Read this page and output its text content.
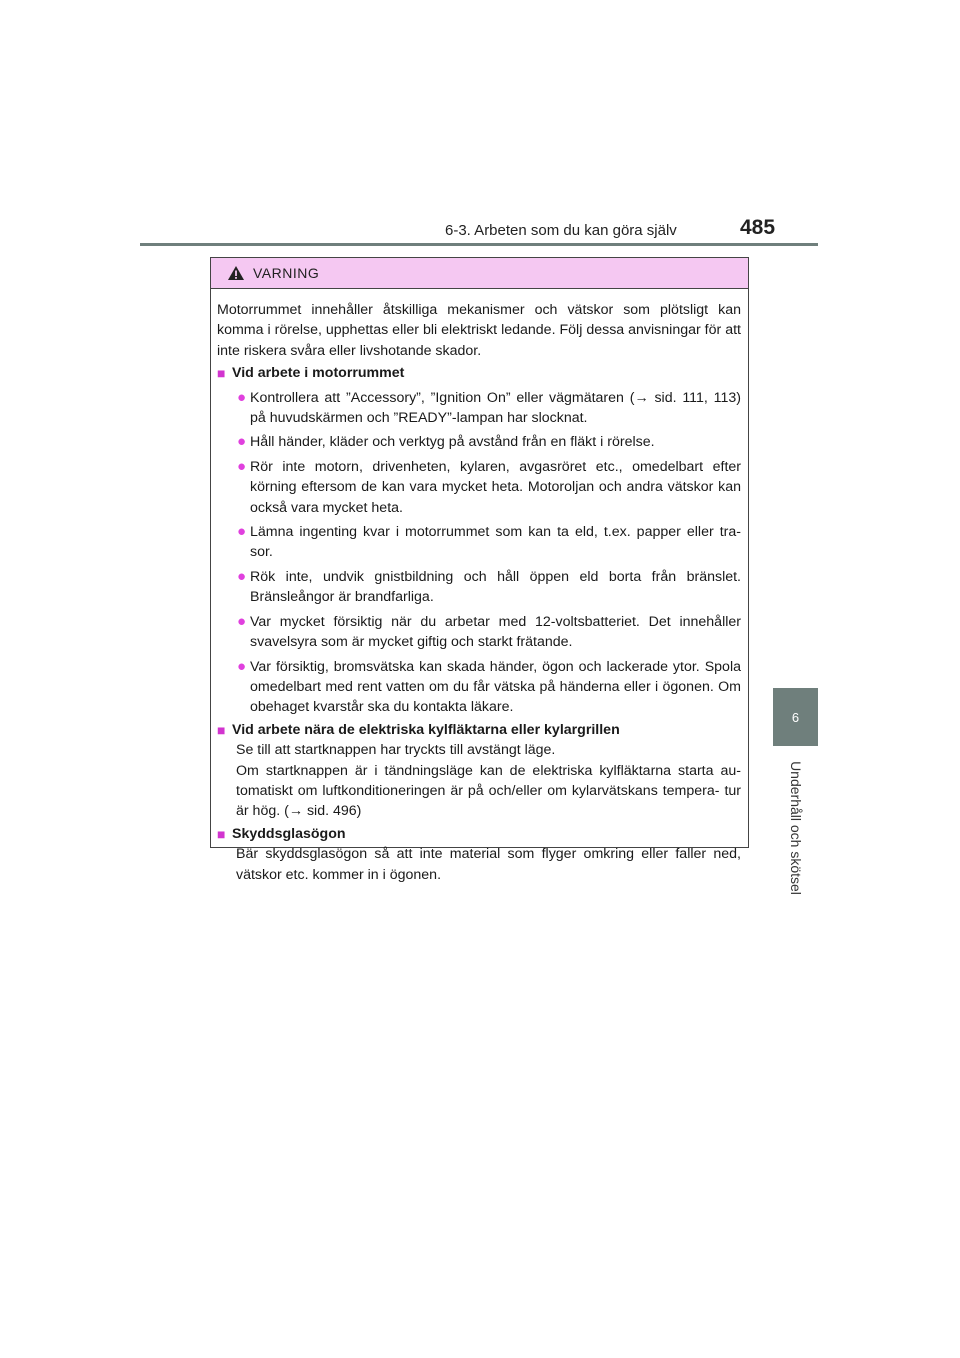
6-3. Arbeten som du kan göra själv	485
6
Underhåll och skötsel
VARNING
Motorrummet innehåller åtskilliga mekanismer och vätskor som plötsligt kan komma i rörelse, upphettas eller bli elektriskt ledande. Följ dessa anvisningar för att inte riskera svåra eller livshotande skador.
■ Vid arbete i motorrummet
● Kontrollera att ”Accessory”, ”Ignition On” eller vägmätaren (→ sid. 111, 113) på huvudskärmen och ”READY”-lampan har slocknat.
● Håll händer, kläder och verktyg på avstånd från en fläkt i rörelse.
● Rör inte motorn, drivenheten, kylaren, avgasröret etc., omedelbart efter körning eftersom de kan vara mycket heta. Motoroljan och andra vätskor kan också vara mycket heta.
● Lämna ingenting kvar i motorrummet som kan ta eld, t.ex. papper eller tra- sor.
● Rök inte, undvik gnistbildning och håll öppen eld borta från bränslet. Bränsleångor är brandfarliga.
● Var mycket försiktig när du arbetar med 12-voltsbatteriet. Det innehåller svavelsyra som är mycket giftig och starkt frätande.
● Var försiktig, bromsvätska kan skada händer, ögon och lackerade ytor. Spola omedelbart med rent vatten om du får vätska på händerna eller i ögonen. Om obehaget kvarstår ska du kontakta läkare.
■ Vid arbete nära de elektriska kylfläktarna eller kylargrillen
Se till att startknappen har tryckts till avstängt läge.
Om startknappen är i tändningsläge kan de elektriska kylfläktarna starta au- tomatiskt om luftkonditioneringen är på och/eller om kylarvätskans tempera- tur är hög. (→ sid. 496)
■ Skyddsglasögon
Bär skyddsglasögon så att inte material som flyger omkring eller faller ned, vätskor etc. kommer in i ögonen.
